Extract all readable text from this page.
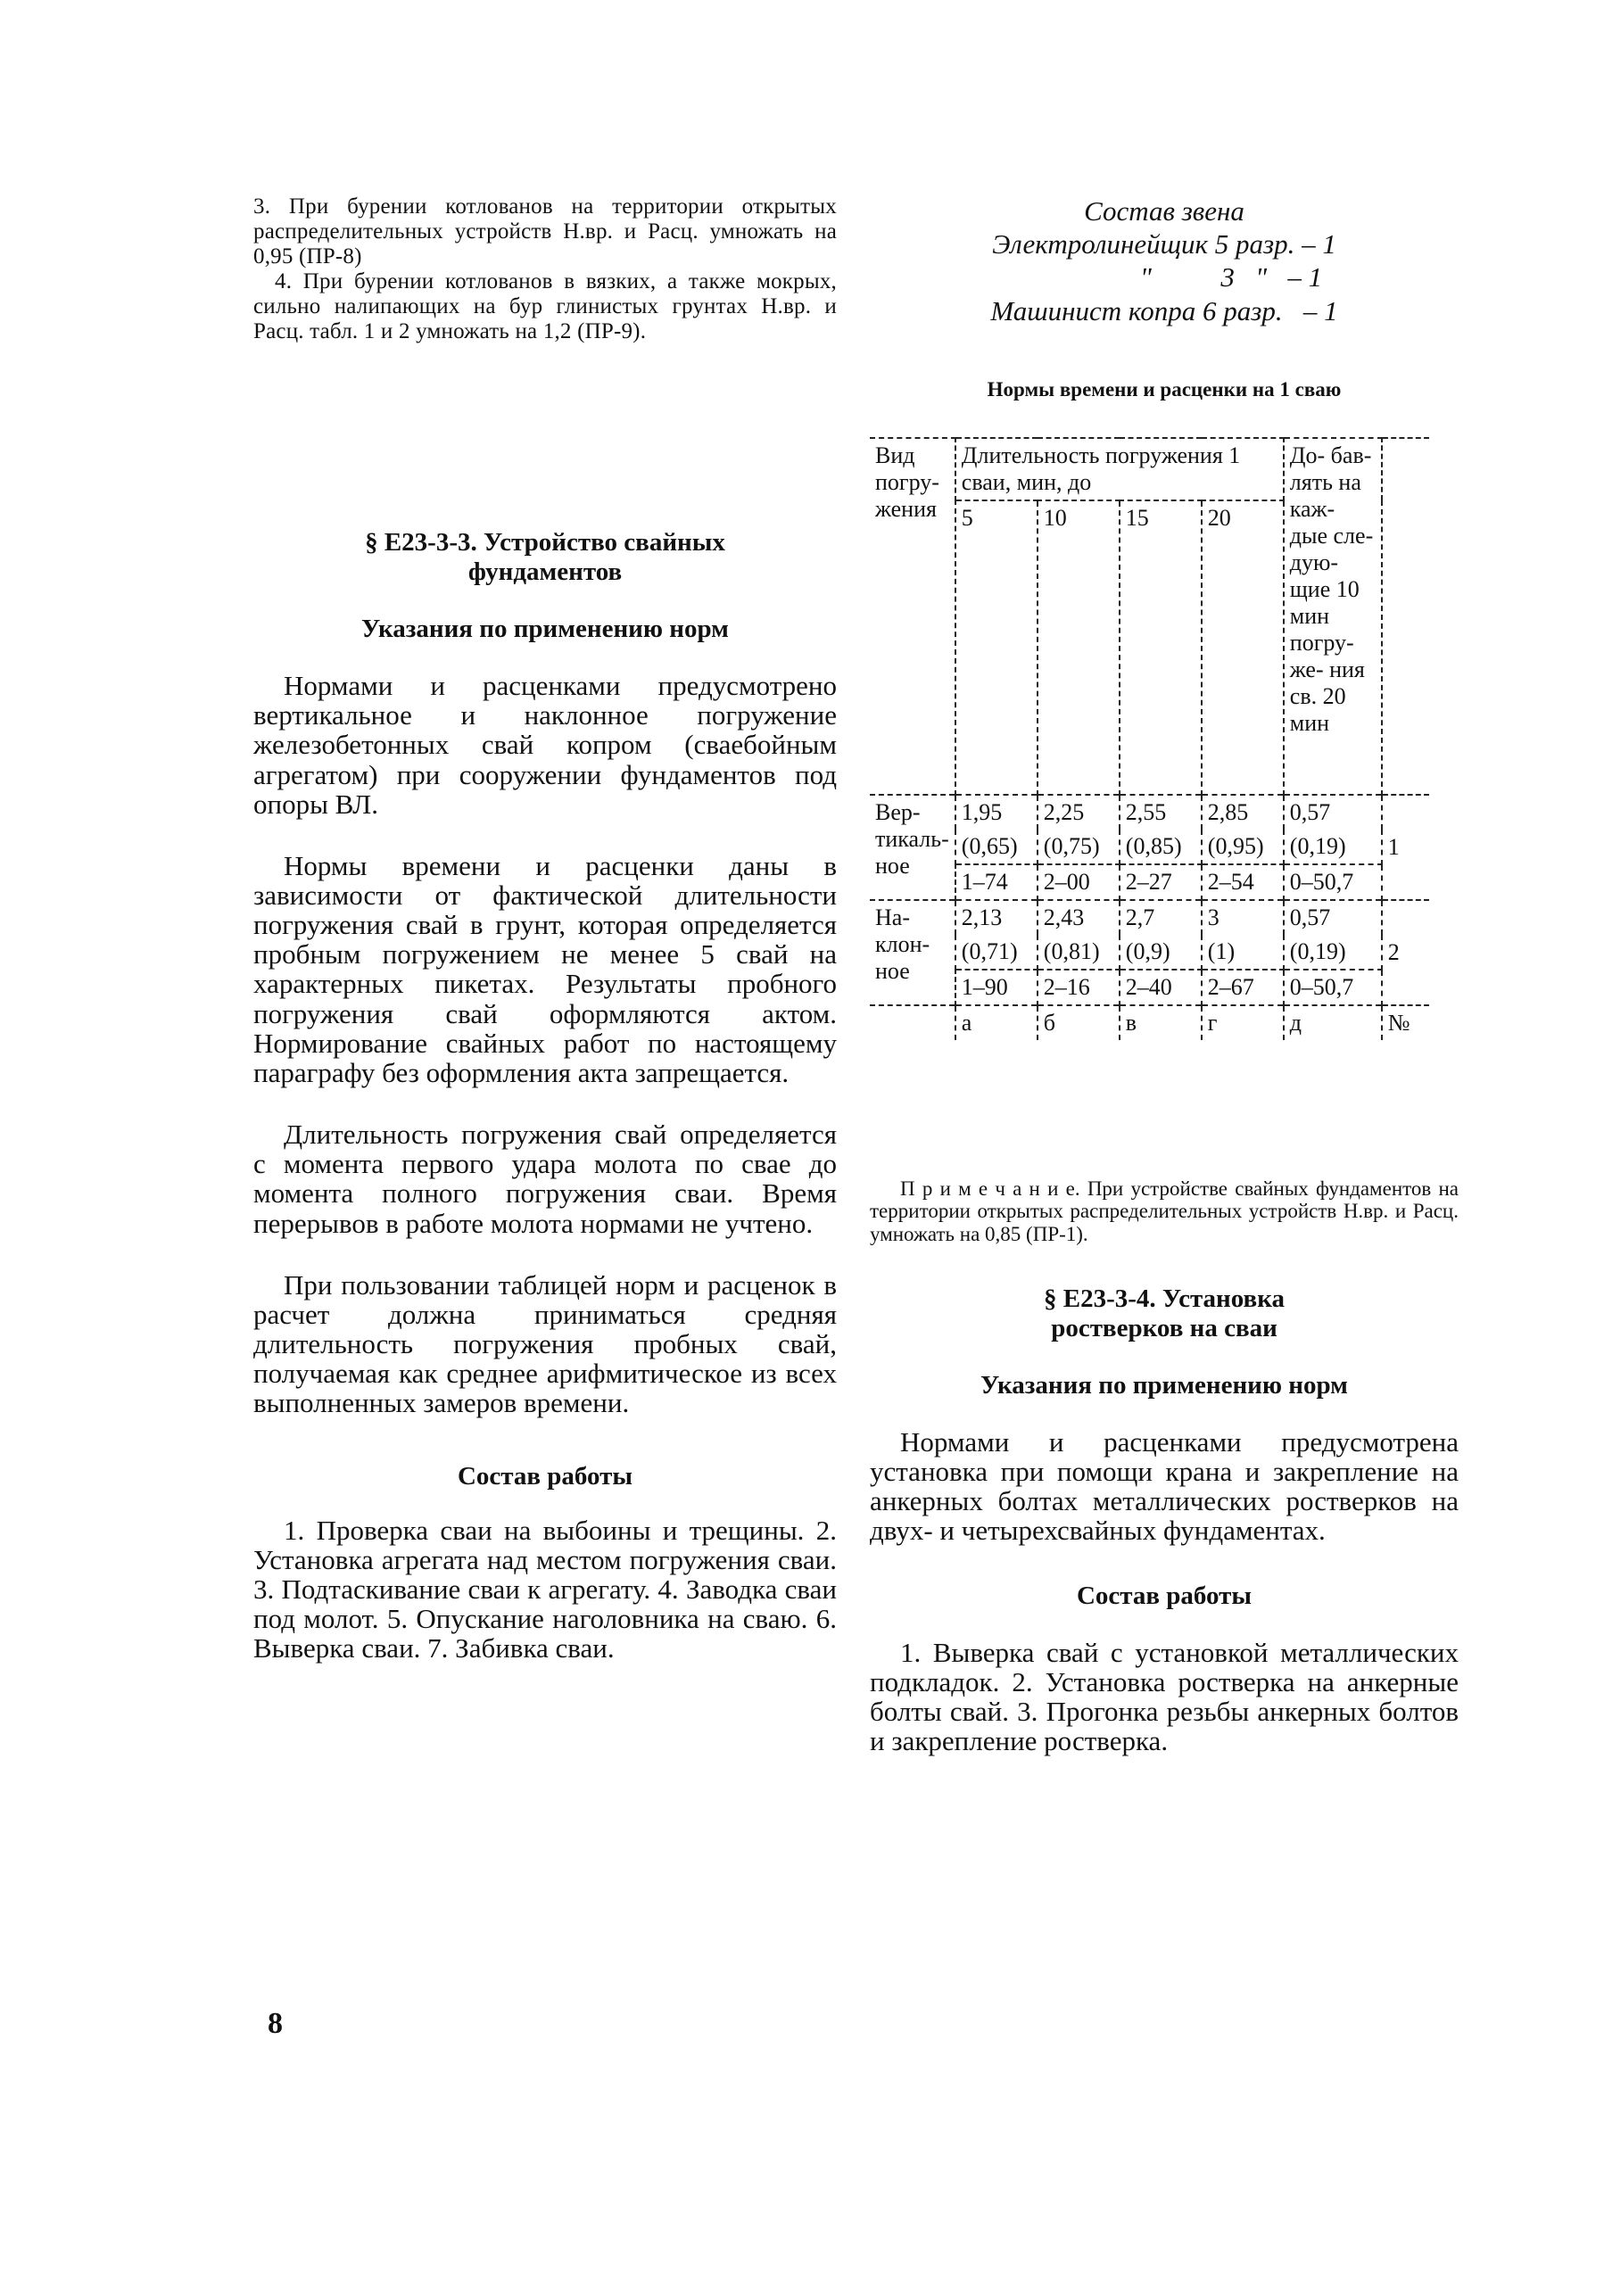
3. При бурении котлованов на территории открытых распределительных устройств Н.вр. и Расц. умножать на 0,95 (ПР-8)

4. При бурении котлованов в вязких, а также мокрых, сильно налипающих на бур глинистых грунтах Н.вр. и Расц. табл. 1 и 2 умножать на 1,2 (ПР-9).

§ Е23-3-3. Устройство свайных фундаментов

Указания по применению норм

Нормами и расценками предусмотрено вертикальное и наклонное погружение железобетонных свай копром (сваебойным агрегатом) при сооружении фундаментов под опоры ВЛ.

Нормы времени и расценки даны в зависимости от фактической длительности погружения свай в грунт, которая определяется пробным погружением не менее 5 свай на характерных пикетах. Результаты пробного погружения свай оформляются актом. Нормирование свайных работ по настоящему параграфу без оформления акта запрещается.

Длительность погружения свай определяется с момента первого удара молота по свае до момента полного погружения сваи. Время перерывов в работе молота нормами не учтено.

При пользовании таблицей норм и расценок в расчет должна приниматься средняя длительность погружения пробных свай, получаемая как среднее арифмитическое из всех выполненных замеров времени.

Состав работы

1. Проверка сваи на выбоины и трещины. 2. Установка агрегата над местом погружения сваи. 3. Подтаскивание сваи к агрегату. 4. Заводка сваи под молот. 5. Опускание наголовника на сваю. 6. Выверка сваи. 7. Забивка сваи.

Состав звена
Электролинейщик 5 разр. – 1
"          3   "   – 1
Машинист копра 6 разр.   – 1
Нормы времени и расценки на 1 сваю
Вид погру- жения	Длительность погружения 1 сваи, мин, до				До- бав- лять на каж- дые сле- дую- щие 10 мин погру- же- ния св. 20 мин	
	5	10	15	20		
Вер- тикаль- ное	1,95	2,25	2,55	2,85	0,57	1
	(0,65)	(0,75)	(0,85)	(0,95)	(0,19)	
	1–74	2–00	2–27	2–54	0–50,7	
На- клон- ное	2,13	2,43	2,7	3	0,57	2
	(0,71)	(0,81)	(0,9)	(1)	(0,19)	
	1–90	2–16	2–40	2–67	0–50,7	
	а	б	в	г	д	№

П р и м е ч а н и е. При устройстве свайных фундаментов на территории открытых распределительных устройств Н.вр. и Расц. умножать на 0,85 (ПР-1).

§ Е23-3-4. Установка ростверков на сваи

Указания по применению норм

Нормами и расценками предусмотрена установка при помощи крана и закрепление на анкерных болтах металлических ростверков на двух- и четырехсвайных фундаментах.

Состав работы

1. Выверка свай с установкой металлических подкладок. 2. Установка ростверка на анкерные болты свай. 3. Прогонка резьбы анкерных болтов и закрепление ростверка.

8
